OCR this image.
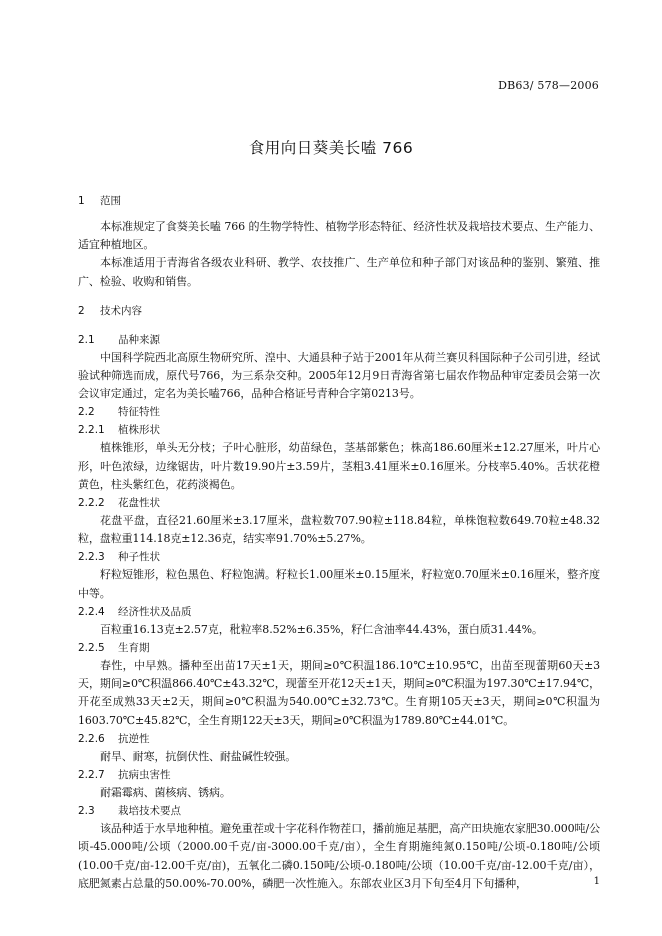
DB63/ 578—2006
食用向日葵美长嗑 766
1 范围

本标准规定了食葵美长嗑 766 的生物学特性、植物学形态特征、经济性状及栽培技术要点、生产能力、适宜种植地区。

本标准适用于青海省各级农业科研、教学、农技推广、生产单位和种子部门对该品种的鉴别、繁殖、推广、检验、收购和销售。

2 技术内容
2.1 品种来源

中国科学院西北高原生物研究所、湟中、大通县种子站于2001年从荷兰赛贝科国际种子公司引进，经试验试种筛选而成，原代号766，为三系杂交种。2005年12月9日青海省第七届农作物品种审定委员会第一次会议审定通过，定名为美长嗑766，品种合格证号青种合字第0213号。

2.2 特征特性
2.2.1 植株形状

植株锥形，单头无分枝；子叶心脏形，幼苗绿色，茎基部紫色；株高186.60厘米±12.27厘米，叶片心形，叶色浓绿，边缘锯齿，叶片数19.90片±3.59片，茎粗3.41厘米±0.16厘米。分枝率5.40%。舌状花橙黄色，柱头紫红色，花药淡褐色。

2.2.2 花盘性状

花盘平盘，直径21.60厘米±3.17厘米，盘粒数707.90粒±118.84粒，单株饱粒数649.70粒±48.32粒，盘粒重114.18克±12.36克，结实率91.70%±5.27%。

2.2.3 种子性状

籽粒短锥形，粒色黑色、籽粒饱满。籽粒长1.00厘米±0.15厘米，籽粒宽0.70厘米±0.16厘米，整齐度中等。

2.2.4 经济性状及品质

百粒重16.13克±2.57克，秕粒率8.52%±6.35%，籽仁含油率44.43%，蛋白质31.44%。

2.2.5 生育期

春性，中早熟。播种至出苗17天±1天，期间≥0℃积温186.10℃±10.95℃，出苗至现蕾期60天±3天，期间≥0℃积温866.40℃±43.32℃，现蕾至开花12天±1天，期间≥0℃积温为197.30℃±17.94℃，开花至成熟33天±2天，期间≥0℃积温为540.00℃±32.73℃。生育期105天±3天，期间≥0℃积温为1603.70℃±45.82℃，全生育期122天±3天，期间≥0℃积温为1789.80℃±44.01℃。

2.2.6 抗逆性

耐旱、耐寒，抗倒伏性、耐盐碱性较强。

2.2.7 抗病虫害性

耐霜霉病、菌核病、锈病。

2.3 栽培技术要点

该品种适于水旱地种植。避免重茬或十字花科作物茬口，播前施足基肥，高产田块施农家肥30.000吨/公顷-45.000吨/公顷（2000.00千克/亩-3000.00千克/亩），全生育期施纯氮0.150吨/公顷-0.180吨/公顷(10.00千克/亩-12.00千克/亩)，五氧化二磷0.150吨/公顷-0.180吨/公顷（10.00千克/亩-12.00千克/亩），底肥氮素占总量的50.00%-70.00%，磷肥一次性施入。东部农业区3月下旬至4月下旬播种，	1
